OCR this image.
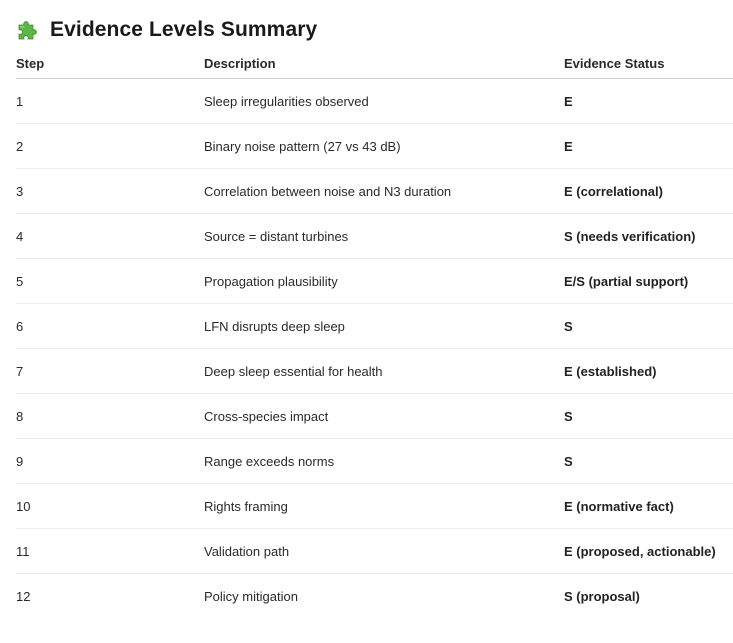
Evidence Levels Summary
Step	Description	Evidence Status
1	Sleep irregularities observed	E
2	Binary noise pattern (27 vs 43 dB)	E
3	Correlation between noise and N3 duration	E (correlational)
4	Source = distant turbines	S (needs verification)
5	Propagation plausibility	E/S (partial support)
6	LFN disrupts deep sleep	S
7	Deep sleep essential for health	E (established)
8	Cross-species impact	S
9	Range exceeds norms	S
10	Rights framing	E (normative fact)
11	Validation path	E (proposed, actionable)
12	Policy mitigation	S (proposal)
